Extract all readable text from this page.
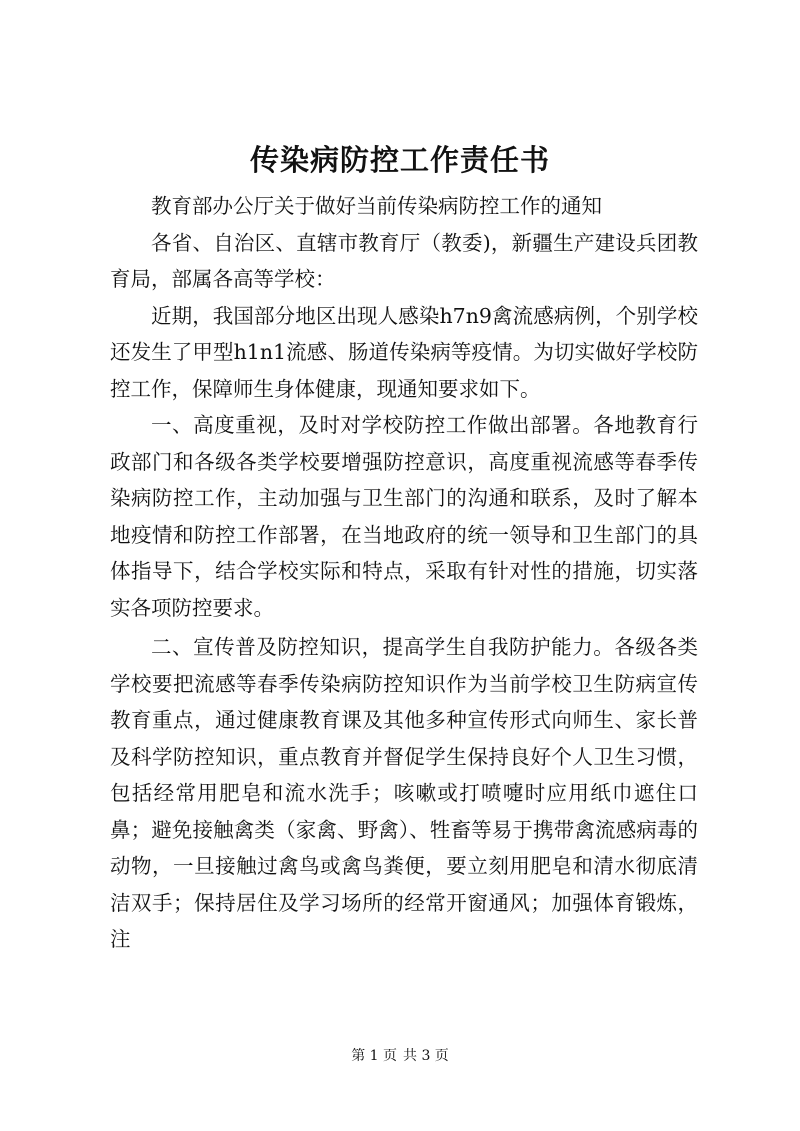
传染病防控工作责任书

教育部办公厅关于做好当前传染病防控工作的通知

各省、自治区、直辖市教育厅（教委)，新疆生产建设兵团教育局，部属各高等学校：

近期，我国部分地区出现人感染h7n9禽流感病例，个别学校还发生了甲型h1n1流感、肠道传染病等疫情。为切实做好学校防控工作，保障师生身体健康，现通知要求如下。

一、高度重视，及时对学校防控工作做出部署。各地教育行政部门和各级各类学校要增强防控意识，高度重视流感等春季传染病防控工作，主动加强与卫生部门的沟通和联系，及时了解本地疫情和防控工作部署，在当地政府的统一领导和卫生部门的具体指导下，结合学校实际和特点，采取有针对性的措施，切实落实各项防控要求。

二、宣传普及防控知识，提高学生自我防护能力。各级各类学校要把流感等春季传染病防控知识作为当前学校卫生防病宣传教育重点，通过健康教育课及其他多种宣传形式向师生、家长普及科学防控知识，重点教育并督促学生保持良好个人卫生习惯，包括经常用肥皂和流水洗手；咳嗽或打喷嚏时应用纸巾遮住口鼻；避免接触禽类（家禽、野禽）、牲畜等易于携带禽流感病毒的动物，一旦接触过禽鸟或禽鸟粪便，要立刻用肥皂和清水彻底清洁双手；保持居住及学习场所的经常开窗通风；加强体育锻炼，注

第 1 页 共 3 页
